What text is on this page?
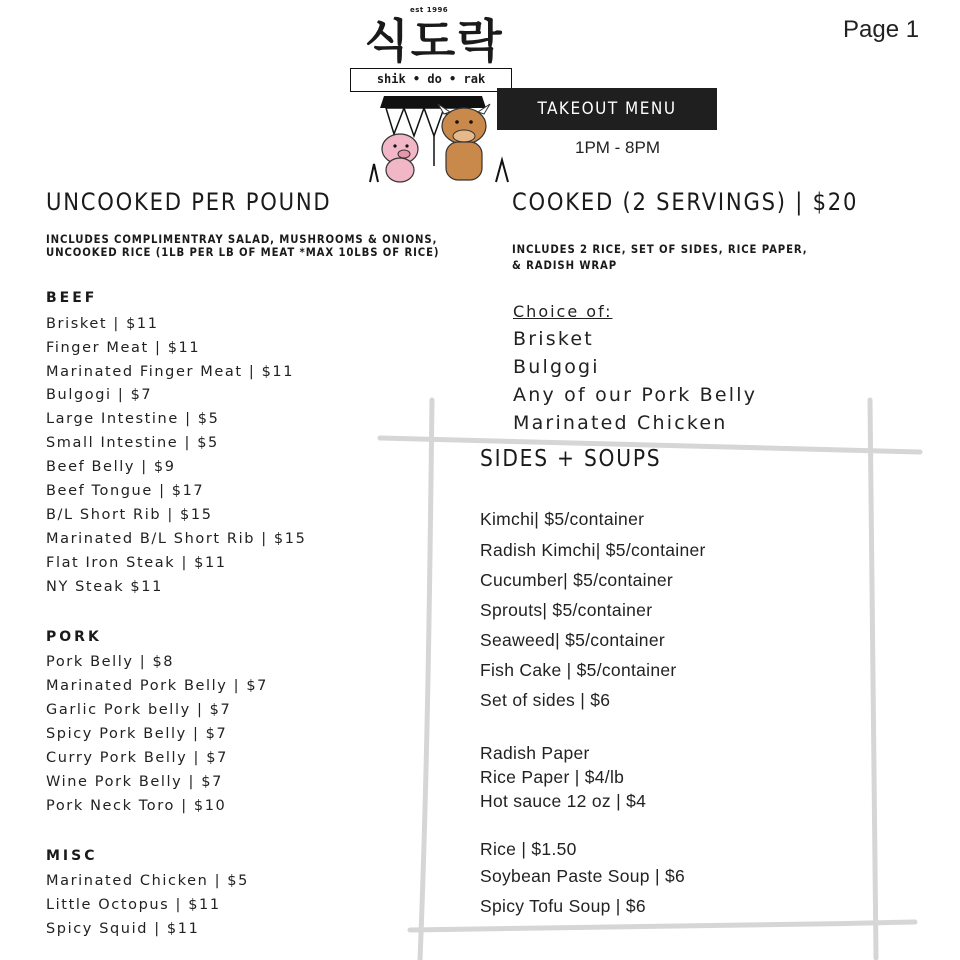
est 1996
식도락
shik • do • rak
Page 1
TAKEOUT MENU
1PM - 8PM
UNCOOKED PER POUND
INCLUDES COMPLIMENTRAY SALAD, MUSHROOMS & ONIONS,
UNCOOKED RICE (1LB PER LB OF MEAT *MAX 10LBS OF RICE)
BEEF
Brisket | $11
Finger Meat | $11
Marinated Finger Meat | $11
Bulgogi | $7
Large Intestine | $5
Small Intestine | $5
Beef Belly | $9
Beef Tongue | $17
B/L Short Rib | $15
Marinated B/L Short Rib | $15
Flat Iron Steak | $11
NY Steak $11
PORK
Pork Belly | $8
Marinated Pork Belly | $7
Garlic Pork belly | $7
Spicy Pork Belly | $7
Curry Pork Belly | $7
Wine Pork Belly | $7
Pork Neck Toro | $10
MISC
Marinated Chicken | $5
Little Octopus | $11
Spicy Squid | $11
COOKED (2 SERVINGS) | $20
INCLUDES 2 RICE, SET OF SIDES, RICE PAPER,
& RADISH WRAP
Choice of:
Brisket
Bulgogi
Any of our Pork Belly
Marinated Chicken
SIDES + SOUPS
Kimchi| $5/container
Radish Kimchi| $5/container
Cucumber| $5/container
Sprouts| $5/container
Seaweed| $5/container
Fish Cake | $5/container
Set of sides | $6
Radish Paper
Rice Paper | $4/lb
Hot sauce 12 oz | $4
Rice | $1.50
Soybean Paste Soup | $6
Spicy Tofu Soup | $6
